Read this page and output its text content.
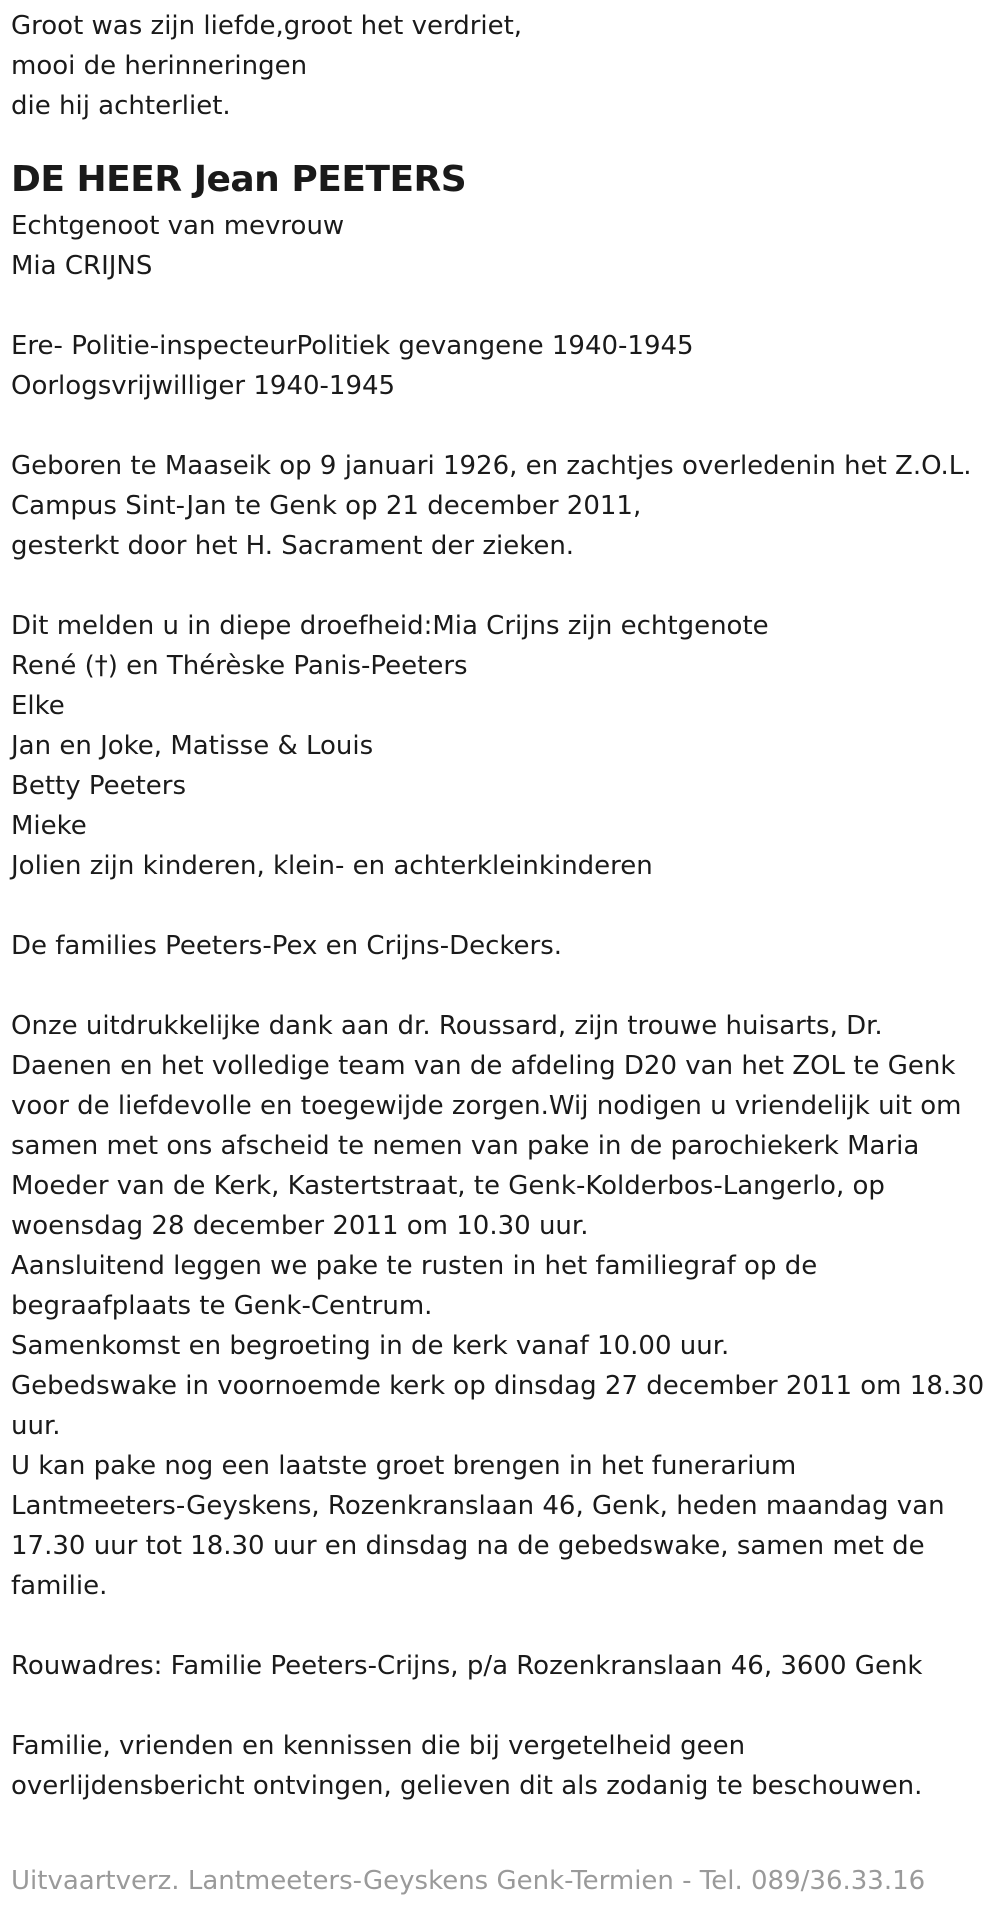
Groot was zijn liefde,groot het verdriet,

mooi de herinneringen

die hij achterliet.

DE HEER Jean PEETERS

Echtgenoot van mevrouw

Mia CRIJNS

Ere- Politie-inspecteurPolitiek gevangene 1940-1945

Oorlogsvrijwilliger 1940-1945

Geboren te Maaseik op 9 januari 1926, en zachtjes overledenin het Z.O.L.

Campus Sint-Jan te Genk op 21 december 2011,

gesterkt door het H. Sacrament der zieken.

Dit melden u in diepe droefheid:Mia Crijns zijn echtgenote

René (†) en Thérèske Panis-Peeters

Elke

Jan en Joke, Matisse & Louis

Betty Peeters

Mieke

Jolien zijn kinderen, klein- en achterkleinkinderen

De families Peeters-Pex en Crijns-Deckers.

Onze uitdrukkelijke dank aan dr. Roussard, zijn trouwe huisarts, Dr.

Daenen en het volledige team van de afdeling D20 van het ZOL te Genk

voor de liefdevolle en toegewijde zorgen.Wij nodigen u vriendelijk uit om

samen met ons afscheid te nemen van pake in de parochiekerk Maria

Moeder van de Kerk, Kastertstraat, te Genk-Kolderbos-Langerlo, op

woensdag 28 december 2011 om 10.30 uur.

Aansluitend leggen we pake te rusten in het familiegraf op de

begraafplaats te Genk-Centrum.

Samenkomst en begroeting in de kerk vanaf 10.00 uur.

Gebedswake in voornoemde kerk op dinsdag 27 december 2011 om 18.30

uur.

U kan pake nog een laatste groet brengen in het funerarium

Lantmeeters-Geyskens, Rozenkranslaan 46, Genk, heden maandag van

17.30 uur tot 18.30 uur en dinsdag na de gebedswake, samen met de

familie.

Rouwadres: Familie Peeters-Crijns, p/a Rozenkranslaan 46, 3600 Genk

Familie, vrienden en kennissen die bij vergetelheid geen

overlijdensbericht ontvingen, gelieven dit als zodanig te beschouwen.

Uitvaartverz. Lantmeeters-Geyskens Genk-Termien - Tel. 089/36.33.16
